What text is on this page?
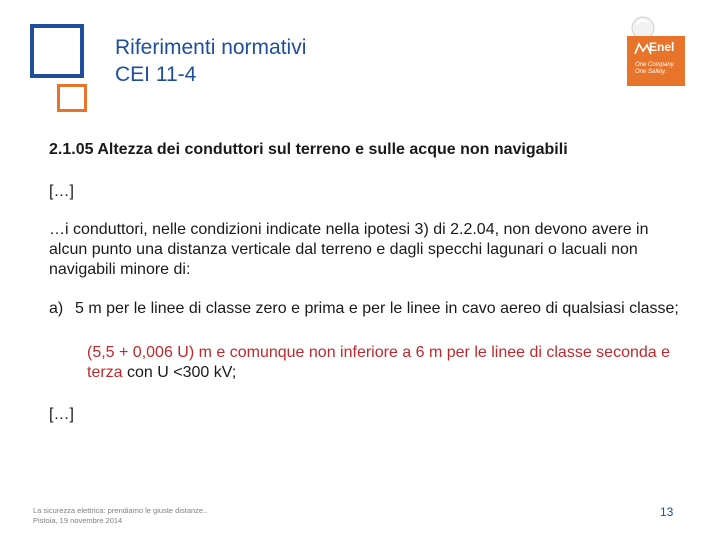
Riferimenti normativi
CEI 11-4
Enel
One Company.
One Safety.

2.1.05 Altezza dei conduttori sul terreno e sulle acque non navigabili

[…]

…i conduttori, nelle condizioni indicate nella ipotesi 3) di 2.2.04, non devono avere in alcun punto una distanza verticale dal terreno e dagli specchi lagunari o lacuali non navigabili minore di:

a) 5 m per le linee di classe zero e prima e per le linee in cavo aereo di qualsiasi classe;

(5,5 + 0,006 U) m e comunque non inferiore a 6 m per le linee di classe seconda e terza con U <300 kV;

[…]

La sicurezza elettrica: prendiamo le giuste distanze..
Pistoia, 19 novembre 2014
13
